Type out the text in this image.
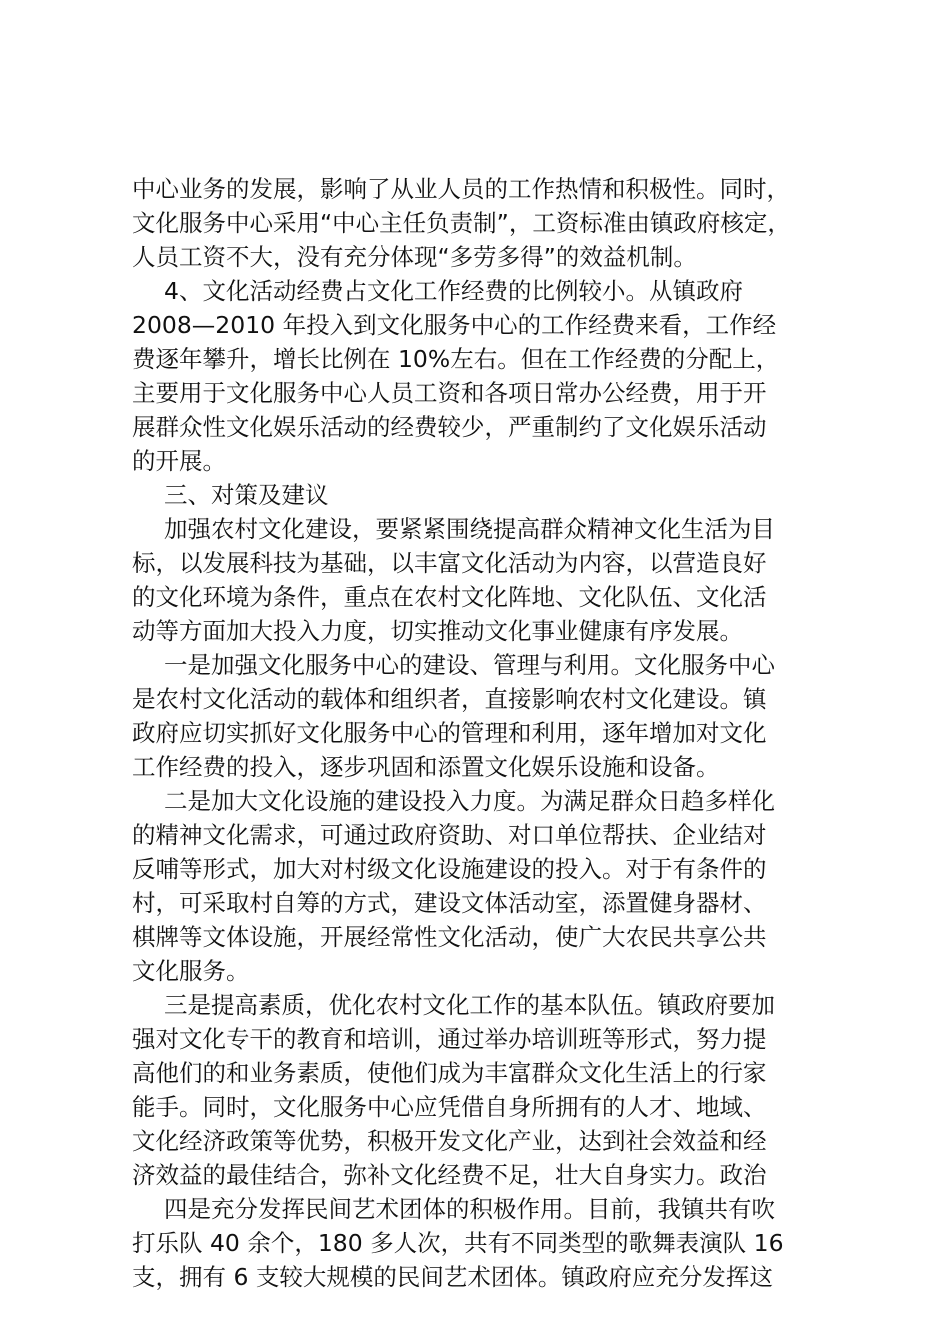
中心业务的发展，影响了从业人员的工作热情和积极性。同时，
文化服务中心采用“中心主任负责制”，工资标准由镇政府核定，
人员工资不大，没有充分体现“多劳多得”的效益机制。
4、文化活动经费占文化工作经费的比例较小。从镇政府
2008—2010 年投入到文化服务中心的工作经费来看，工作经
费逐年攀升，增长比例在 10%左右。但在工作经费的分配上，
主要用于文化服务中心人员工资和各项日常办公经费，用于开
展群众性文化娱乐活动的经费较少，严重制约了文化娱乐活动
的开展。
三、对策及建议
加强农村文化建设，要紧紧围绕提高群众精神文化生活为目
标，以发展科技为基础，以丰富文化活动为内容，以营造良好
的文化环境为条件，重点在农村文化阵地、文化队伍、文化活
动等方面加大投入力度，切实推动文化事业健康有序发展。
一是加强文化服务中心的建设、管理与利用。文化服务中心
是农村文化活动的载体和组织者，直接影响农村文化建设。镇
政府应切实抓好文化服务中心的管理和利用，逐年增加对文化
工作经费的投入，逐步巩固和添置文化娱乐设施和设备。
二是加大文化设施的建设投入力度。为满足群众日趋多样化
的精神文化需求，可通过政府资助、对口单位帮扶、企业结对
反哺等形式，加大对村级文化设施建设的投入。对于有条件的
村，可采取村自筹的方式，建设文体活动室，添置健身器材、
棋牌等文体设施，开展经常性文化活动，使广大农民共享公共
文化服务。
三是提高素质，优化农村文化工作的基本队伍。镇政府要加
强对文化专干的教育和培训，通过举办培训班等形式，努力提
高他们的和业务素质，使他们成为丰富群众文化生活上的行家
能手。同时，文化服务中心应凭借自身所拥有的人才、地域、
文化经济政策等优势，积极开发文化产业，达到社会效益和经
济效益的最佳结合，弥补文化经费不足，壮大自身实力。政治
四是充分发挥民间艺术团体的积极作用。目前，我镇共有吹
打乐队 40 余个，180 多人次，共有不同类型的歌舞表演队 16
支，拥有 6 支较大规模的民间艺术团体。镇政府应充分发挥这
